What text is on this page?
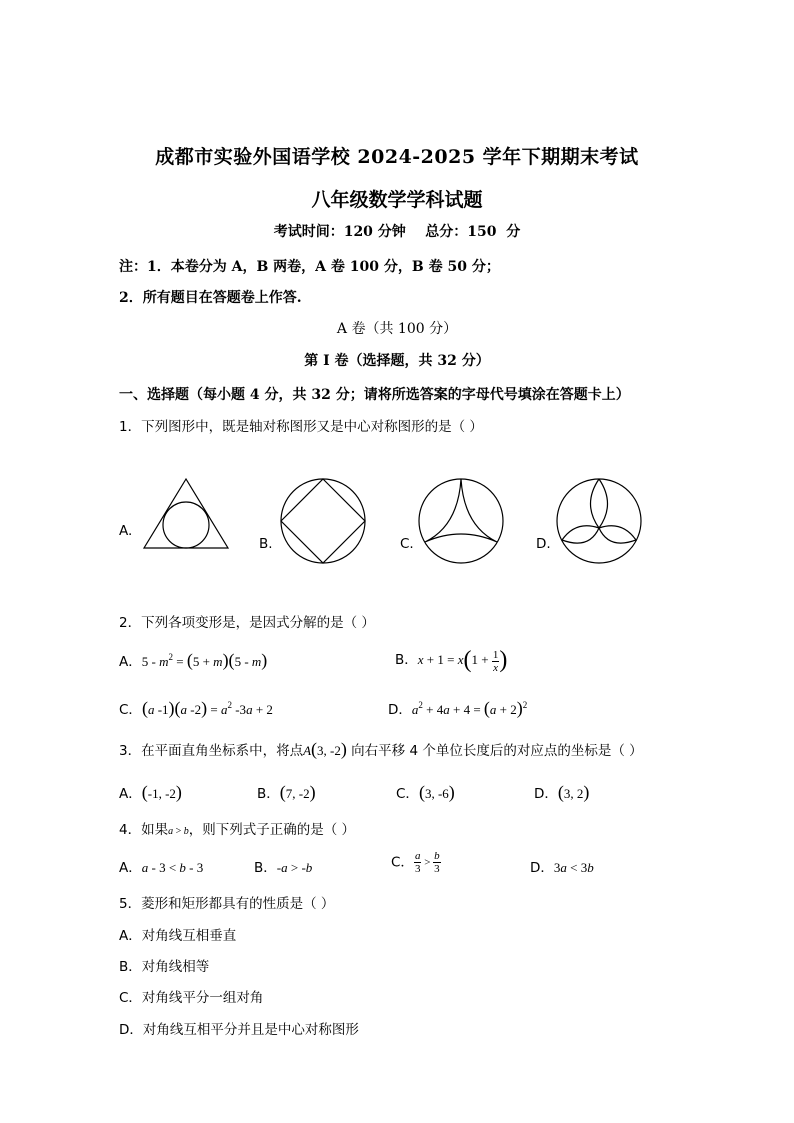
成都市实验外国语学校 2024-2025 学年下期期末考试
八年级数学学科试题
考试时间：120 分钟    总分：150  分
注：1．本卷分为 A，B 两卷，A 卷 100 分，B 卷 50 分；
2．所有题目在答题卷上作答.
A 卷（共 100 分）
第 I 卷（选择题，共 32 分）
一、选择题（每小题 4 分，共 32 分；请将所选答案的字母代号填涂在答题卡上）
1．下列图形中，既是轴对称图形又是中心对称图形的是（ ）
A.
B.	C.	D.
2．下列各项变形是，是因式分解的是（ ）
A．$5 - m^2 = (5 + m)(5 - m)$	B．$x + 1 = x(1 + \frac{1}{x}$ )
C．(a -1)(a $-2) = a^2$ -3a + 2	D．$a^2 + 4a + 4 = (a + 2)^2$
3．在平面直角坐标系中，将点A(3, -2) 向右平移 4 个单位长度后的对应点的坐标是（ ）
A．(-1, -2)	B．(7, -2)	C．(3, -6)	D．(3, 2)
4．如果a > b，则下列式子正确的是（ ）
A．a - 3 < b - 3	B．-a > -b	C． $\frac{a}{3} > \frac{b}{3}$	D．3a < 3b
5．菱形和矩形都具有的性质是（ ）
A．对角线互相垂直
B．对角线相等
C．对角线平分一组对角
D．对角线互相平分并且是中心对称图形
